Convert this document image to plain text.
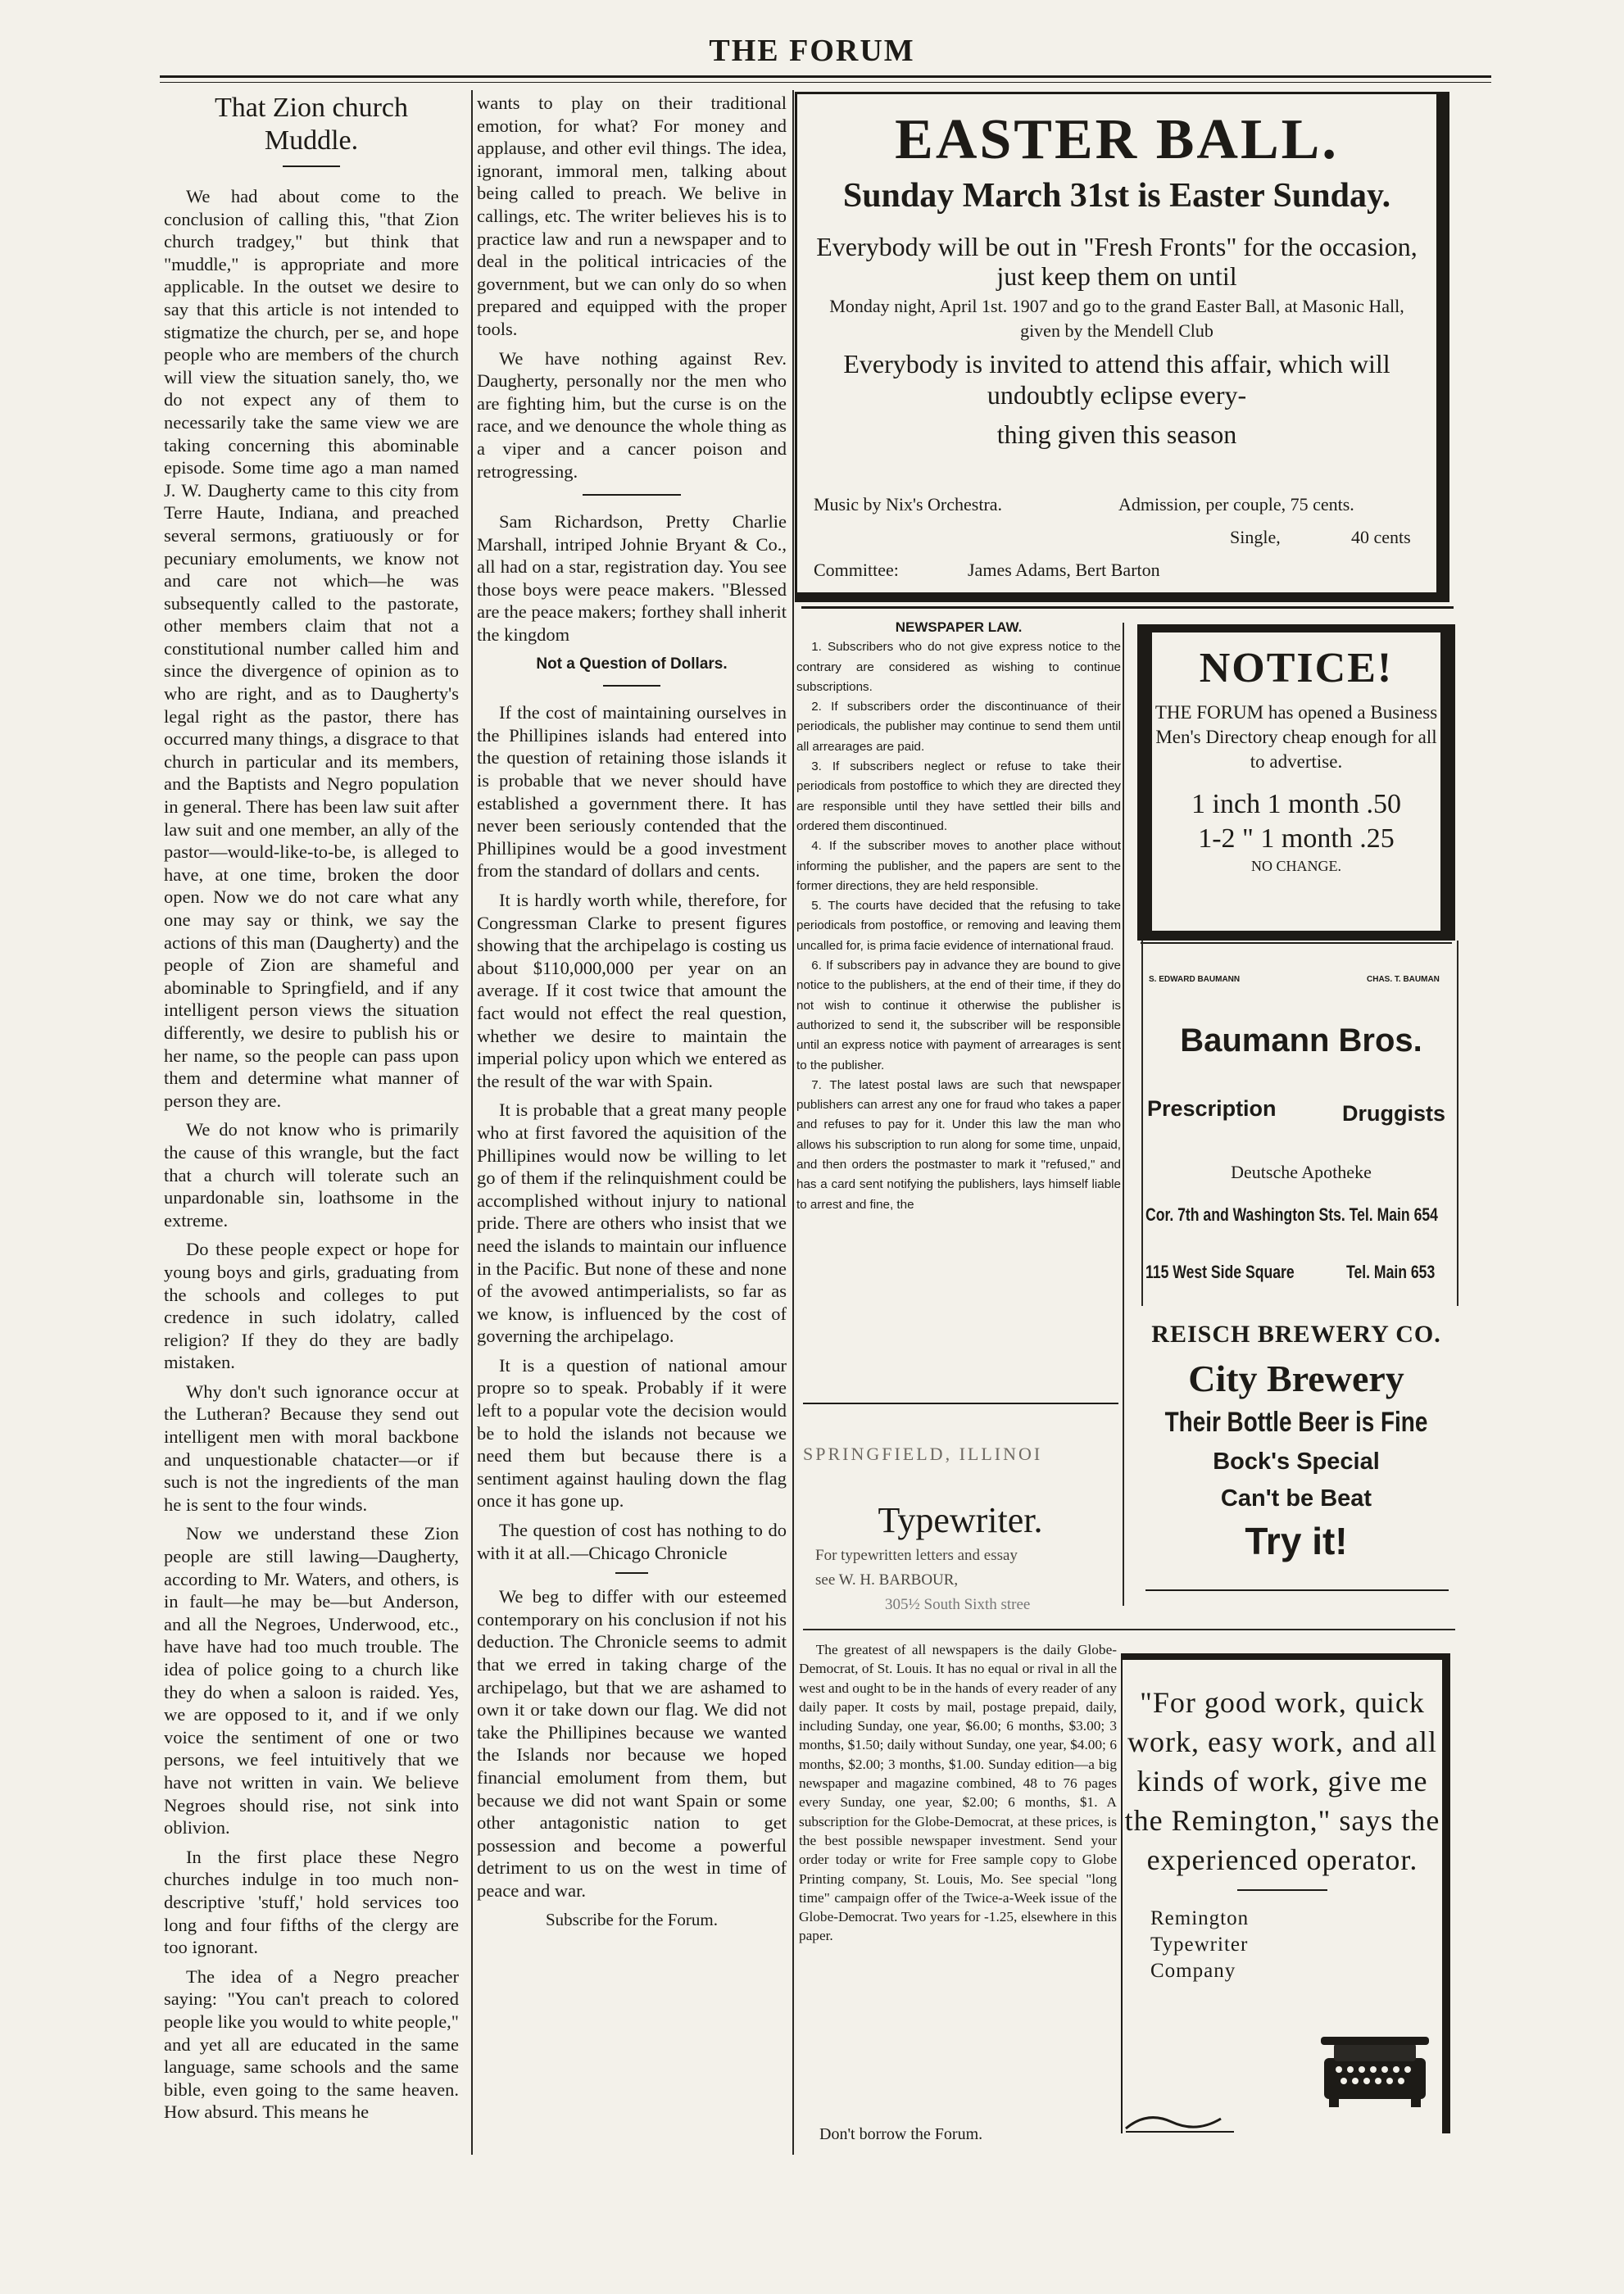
THE FORUM
That Zion church
Muddle.

We had about come to the conclusion of calling this, "that Zion church tradgey," but think that "muddle," is appropriate and more applicable. In the outset we desire to say that this article is not intended to stigmatize the church, per se, and hope people who are members of the church will view the situation sanely, tho, we do not expect any of them to necessarily take the same view we are taking concerning this abominable episode. Some time ago a man named J. W. Daugherty came to this city from Terre Haute, Indiana, and preached several sermons, gratiuously or for pecuniary emoluments, we know not and care not which—he was subsequently called to the pastorate, other members claim that not a constitutional number called him and since the divergence of opinion as to who are right, and as to Daugherty's legal right as the pastor, there has occurred many things, a disgrace to that church in particular and its members, and the Baptists and Negro population in general. There has been law suit after law suit and one member, an ally of the pastor—would-like-to-be, is alleged to have, at one time, broken the door open. Now we do not care what any one may say or think, we say the actions of this man (Daugherty) and the people of Zion are shameful and abominable to Springfield, and if any intelligent person views the situation differently, we desire to publish his or her name, so the people can pass upon them and determine what manner of person they are.

We do not know who is primarily the cause of this wrangle, but the fact that a church will tolerate such an unpardonable sin, loathsome in the extreme.

Do these people expect or hope for young boys and girls, graduating from the schools and colleges to put credence in such idolatry, called religion? If they do they are badly mistaken.

Why don't such ignorance occur at the Lutheran? Because they send out intelligent men with moral backbone and unquestionable chatacter—or if such is not the ingredients of the man he is sent to the four winds.

Now we understand these Zion people are still lawing—Daugherty, according to Mr. Waters, and others, is in fault—he may be—but Anderson, and all the Negroes, Underwood, etc., have have had too much trouble. The idea of police going to a church like they do when a saloon is raided. Yes, we are opposed to it, and if we only voice the sentiment of one or two persons, we feel intuitively that we have not written in vain. We believe Negroes should rise, not sink into oblivion.

In the first place these Negro churches indulge in too much non-descriptive 'stuff,' hold services too long and four fifths of the clergy are too ignorant.

The idea of a Negro preacher saying: "You can't preach to colored people like you would to white people," and yet all are educated in the same language, same schools and the same bible, even going to the same heaven. How absurd. This means he

wants to play on their traditional emotion, for what? For money and applause, and other evil things. The idea, ignorant, immoral men, talking about being called to preach. We belive in callings, etc. The writer believes his is to practice law and run a newspaper and to deal in the political intricacies of the government, but we can only do so when prepared and equipped with the proper tools.

We have nothing against Rev. Daugherty, personally nor the men who are fighting him, but the curse is on the race, and we denounce the whole thing as a viper and a cancer poison and retrogressing.

Sam Richardson, Pretty Charlie Marshall, intriped Johnie Bryant & Co., all had on a star, registration day. You see those boys were peace makers. "Blessed are the peace makers; forthey shall inherit the kingdom

Not a Question of Dollars.

If the cost of maintaining ourselves in the Phillipines islands had entered into the question of retaining those islands it is probable that we never should have established a government there. It has never been seriously contended that the Phillipines would be a good investment from the standard of dollars and cents.

It is hardly worth while, therefore, for Congressman Clarke to present figures showing that the archipelago is costing us about $110,000,000 per year on an average. If it cost twice that amount the fact would not effect the real question, whether we desire to maintain the imperial policy upon which we entered as the result of the war with Spain.

It is probable that a great many people who at first favored the aquisition of the Phillipines would now be willing to let go of them if the relinquishment could be accomplished without injury to national pride. There are others who insist that we need the islands to maintain our influence in the Pacific. But none of these and none of the avowed antimperialists, so far as we know, is influenced by the cost of governing the archipelago.

It is a question of national amour propre so to speak. Probably if it were left to a popular vote the decision would be to hold the islands not because we need them but because there is a sentiment against hauling down the flag once it has gone up.

The question of cost has nothing to do with it at all.—Chicago Chronicle

We beg to differ with our esteemed contemporary on his conclusion if not his deduction. The Chronicle seems to admit that we erred in taking charge of the archipelago, but that we are ashamed to own it or take down our flag. We did not take the Phillipines because we wanted the Islands nor because we hoped financial emolument from them, but because we did not want Spain or some other antagonistic nation to get possession and become a powerful detriment to us on the west in time of peace and war.

Subscribe for the Forum.
EASTER BALL.
Sunday March 31st is Easter Sunday.
Everybody will be out in "Fresh Fronts" for the occasion, just keep them on until
Monday night, April 1st. 1907 and go to the grand Easter Ball, at Masonic Hall, given by the Mendell Club
Everybody is invited to attend this affair, which will undoubtly eclipse every-
thing given this season
Music by Nix's Orchestra.	Admission, per couple, 75 cents.
Single,	40 cents
Committee:	James Adams, Bert Barton
NEWSPAPER LAW.

1. Subscribers who do not give express notice to the contrary are considered as wishing to continue subscriptions.

2. If subscribers order the discontinuance of their periodicals, the publisher may continue to send them until all arrearages are paid.

3. If subscribers neglect or refuse to take their periodicals from postoffice to which they are directed they are responsible until they have settled their bills and ordered them discontinued.

4. If the subscriber moves to another place without informing the publisher, and the papers are sent to the former directions, they are held responsible.

5. The courts have decided that the refusing to take periodicals from postoffice, or removing and leaving them uncalled for, is prima facie evidence of international fraud.

6. If subscribers pay in advance they are bound to give notice to the publishers, at the end of their time, if they do not wish to continue it otherwise the publisher is authorized to send it, the subscriber will be responsible until an express notice with payment of arrearages is sent to the publisher.

7. The latest postal laws are such that newspaper publishers can arrest any one for fraud who takes a paper and refuses to pay for it. Under this law the man who allows his subscription to run along for some time, unpaid, and then orders the postmaster to mark it "refused," and has a card sent notifying the publishers, lays himself liable to arrest and fine, the

NOTICE!
THE FORUM has opened a Business Men's Directory cheap enough for all to advertise.
1 inch 1 month .50
1-2 " 1 month .25
NO CHANGE.
S. EDWARD BAUMANN	CHAS. T. BAUMAN
Baumann Bros.
Prescription	Druggists
Deutsche Apotheke
Cor. 7th and Washington Sts. Tel. Main 654
115 West Side Square	Tel. Main 653
REISCH BREWERY CO.
City Brewery
Their Bottle Beer is Fine
Bock's Special
Can't be Beat
Try it!
SPRINGFIELD, ILLINOI
Typewriter.
For typewritten letters and essay
see W. H. BARBOUR,
305½ South Sixth stree

The greatest of all newspapers is the daily Globe-Democrat, of St. Louis. It has no equal or rival in all the west and ought to be in the hands of every reader of any daily paper. It costs by mail, postage prepaid, daily, including Sunday, one year, $6.00; 6 months, $3.00; 3 months, $1.50; daily without Sunday, one year, $4.00; 6 months, $2.00; 3 months, $1.00. Sunday edition—a big newspaper and magazine combined, 48 to 76 pages every Sunday, one year, $2.00; 6 months, $1. A subscription for the Globe-Democrat, at these prices, is the best possible newspaper investment. Send your order today or write for Free sample copy to Globe Printing company, St. Louis, Mo. See special "long time" campaign offer of the Twice-a-Week issue of the Globe-Democrat. Two years for -1.25, elsewhere in this paper.

Don't borrow the Forum.
"For good work, quick work, easy work, and all kinds of work, give me the Remington," says the experienced operator.
Remington
Typewriter
Company
